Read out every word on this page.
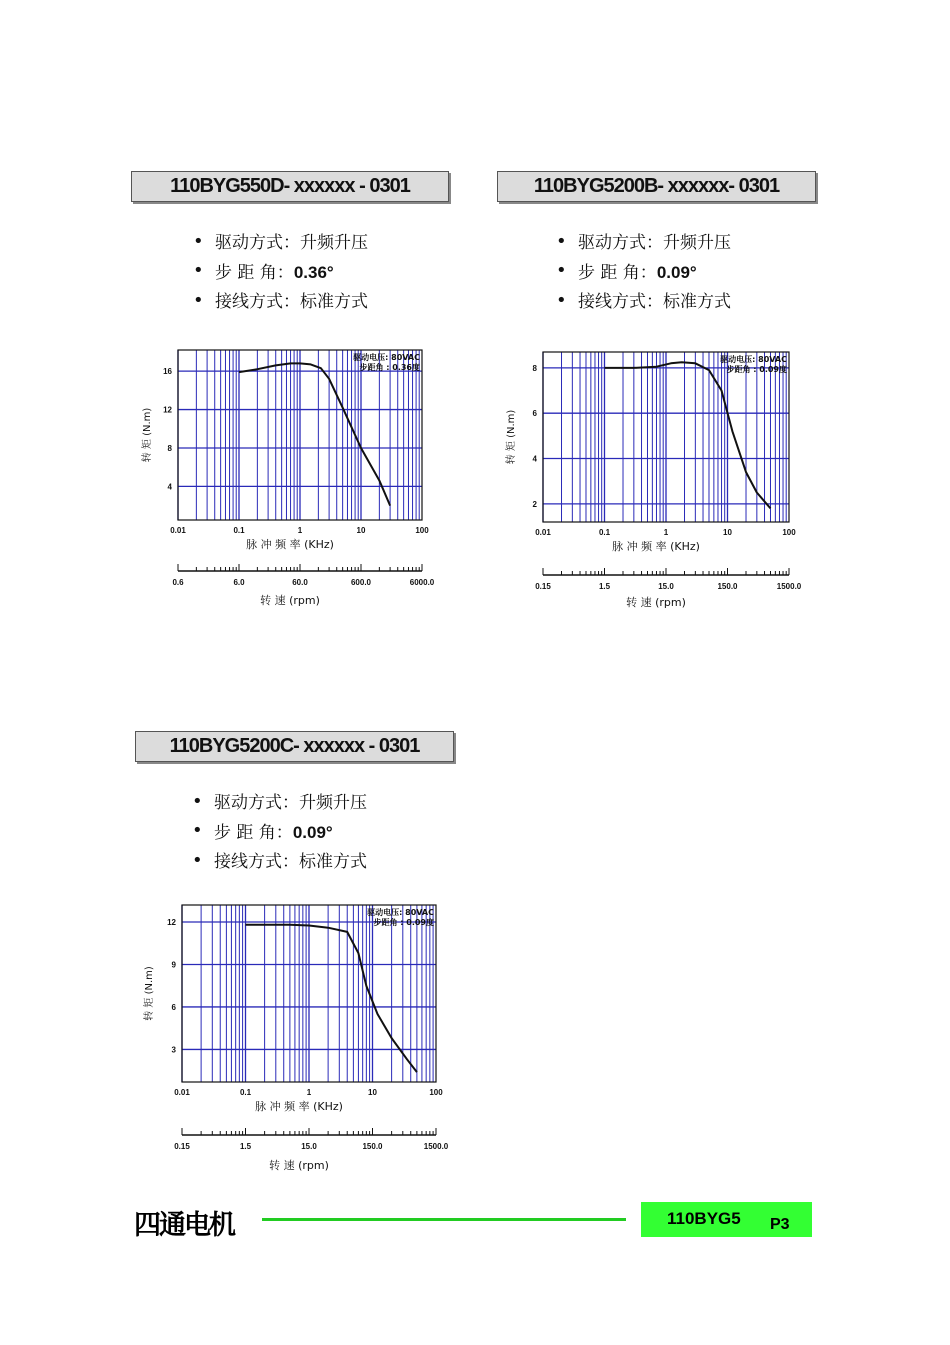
110BYG550D- xxxxxx - 0301
• 驱动方式：升频升压
• 步 距 角：0.36°
• 接线方式：标准方式
4
8
12
16
0.01	0.1	1	10	100
脉 冲 频 率 (KHz)
转 矩 (N.m)
驱动电压: 80VAC
步距角 : 0.36度
0.6	6.0	60.0	600.0	6000.0
转 速 (rpm)
110BYG5200B- xxxxxx- 0301
• 驱动方式：升频升压
• 步 距 角：0.09°
• 接线方式：标准方式
2
4
6
8
0.01	0.1	1	10	100
脉 冲 频 率 (KHz)
转 矩 (N.m)
驱动电压: 80VAC
步距角 : 0.09度
0.15	1.5	15.0	150.0	1500.0
转 速 (rpm)
110BYG5200C- xxxxxx - 0301
• 驱动方式：升频升压
• 步 距 角：0.09°
• 接线方式：标准方式
3
6
9
12
0.01	0.1	1	10	100
脉 冲 频 率 (KHz)
转 矩 (N.m)
驱动电压: 80VAC
步距角 : 0.09度
0.15	1.5	15.0	150.0	1500.0
转 速 (rpm)
四通电机	110BYG5 P3
